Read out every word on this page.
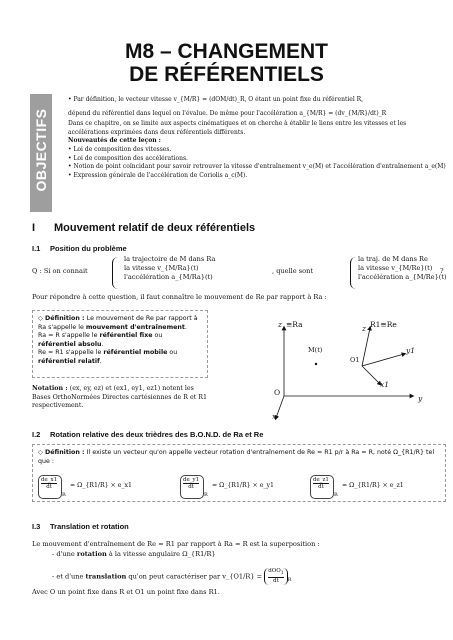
M8 – CHANGEMENT
DE RÉFÉRENTIELS
OBJECTIFS

• Par définition, le vecteur vitesse v_{M/R} = (dOM/dt)_R, O étant un point fixe du référentiel R,

dépend du référentiel dans lequel on l'évalue. De même pour l'accélération a_{M/R} = (dv_{M/R}/dt)_R

Dans ce chapitre, on se limite aux aspects cinématiques et on cherche à établir le liens entre les vitesses et les accélérations exprimées dans deux référentiels différents.

Nouveautés de cette leçon :

• Loi de composition des vitesses.

• Loi de composition des accélérations.

• Notion de point coïncidant pour savoir retrouver la vitesse d'entraînement v_e(M) et l'accélération d'entraînement a_e(M)

• Expression générale de l'accélération de Coriolis a_c(M).

I Mouvement relatif de deux référentiels
I.1 Position du problème
Q : Si on connait
la trajectoire de M dans Ra
la vitesse v_{M/Ra}(t)
l'accélération a_{M/Ra}(t)
, quelle sont
la traj. de M dans Re
la vitesse v_{M/Re}(t)
l'accélération a_{M/Re}(t)
?
Pour répondre à cette question, il faut connaître le mouvement de Re par rapport à Ra :

◇ Définition : Le mouvement de Re par rapport à Ra s'appelle le mouvement d'entraînement.

Ra = R s'appelle le référentiel fixe ou référentiel absolu.

Re = R1 s'appelle le référentiel mobile ou référentiel relatif.

Notation : (ex, ey, ez) et (ex1, ey1, ez1) notent les Bases OrthoNormées Directes cartésiennes de R et R1 respectivement.
z ≡Ra	z R1≡Re
M(t)
O1
y1
x1
O
x
y
I.2 Rotation relative des deux trièdres des B.O.N.D. de Ra et Re

◇ Définition : Il existe un vecteur qu'on appelle vecteur rotation d'entraînement de Re = R1 p/r à Ra = R, noté Ω_{R1/R} tel que :

$\frac{de\_x1}{dt}$
R
= Ω_{R1/R} × e_x1	$\frac{de\_y1}{dt}$
R
= Ω_{R1/R} × e_y1	$\frac{de\_z1}{dt}$
R
= Ω_{R1/R} × e_z1
I.3 Translation et rotation
Le mouvement d'entraînement de Re = R1 par rapport à Ra = R est la superposition :
- d'une rotation à la vitesse angulaire Ω_{R1/R}
- et d'une translation qu'on peut caractériser par v_{O1/R} =
dOO$_1$
dt	$_R$
Avec O un point fixe dans R et O1 un point fixe dans R1.
